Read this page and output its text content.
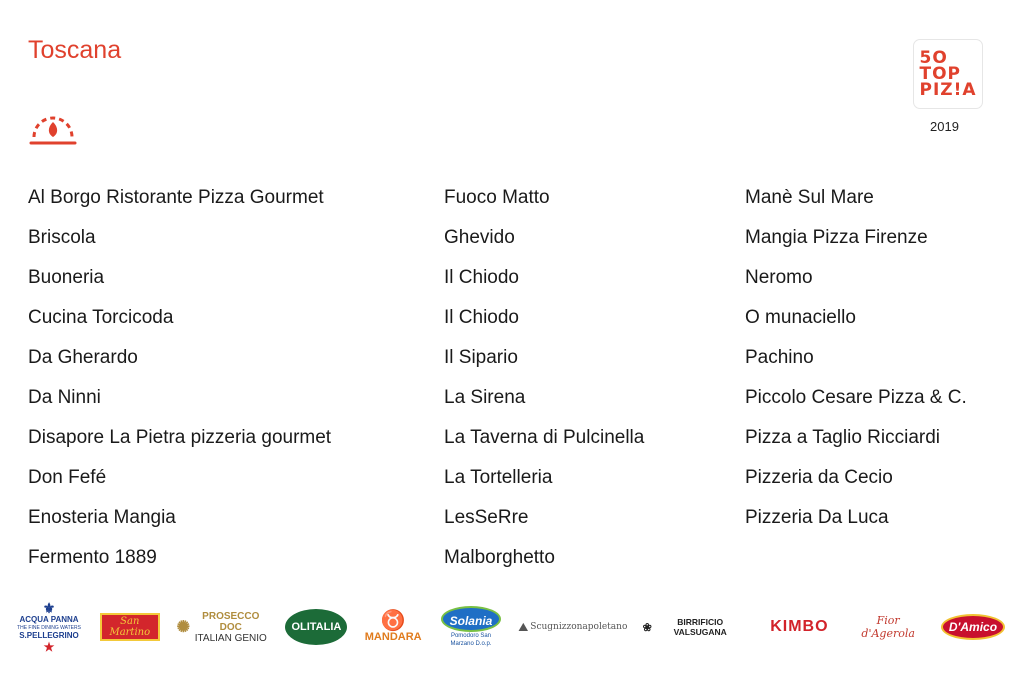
Toscana	5O
TOP
PIZ!A
2019
Al Borgo Ristorante Pizza Gourmet
Briscola
Buoneria
Cucina Torcicoda
Da Gherardo
Da Ninni
Disapore La Pietra pizzeria gourmet
Don Fefé
Enosteria Mangia
Fermento 1889
Fuoco Matto
Ghevido
Il Chiodo
Il Chiodo
Il Sipario
La Sirena
La Taverna di Pulcinella
La Tortelleria
LesSeRre
Malborghetto
Manè Sul Mare
Mangia Pizza Firenze
Neromo
O munaciello
Pachino
Piccolo Cesare Pizza & C.
Pizza a Taglio Ricciardi
Pizzeria da Cecio
Pizzeria Da Luca
⚜
ACQUA PANNA
THE FINE DINING WATERS
S.PELLEGRINO
★
San Martino	✺
PROSECCO DOC
ITALIAN GENIO
OLITALIA	♉
MANDARA
Solania
Pomodoro San Marzano D.o.p.
⛰ Scugnizzonapoletano ❀	BIRRIFICIO VALSUGANA	KIMBO	Fior d'Agerola	D'Amico
